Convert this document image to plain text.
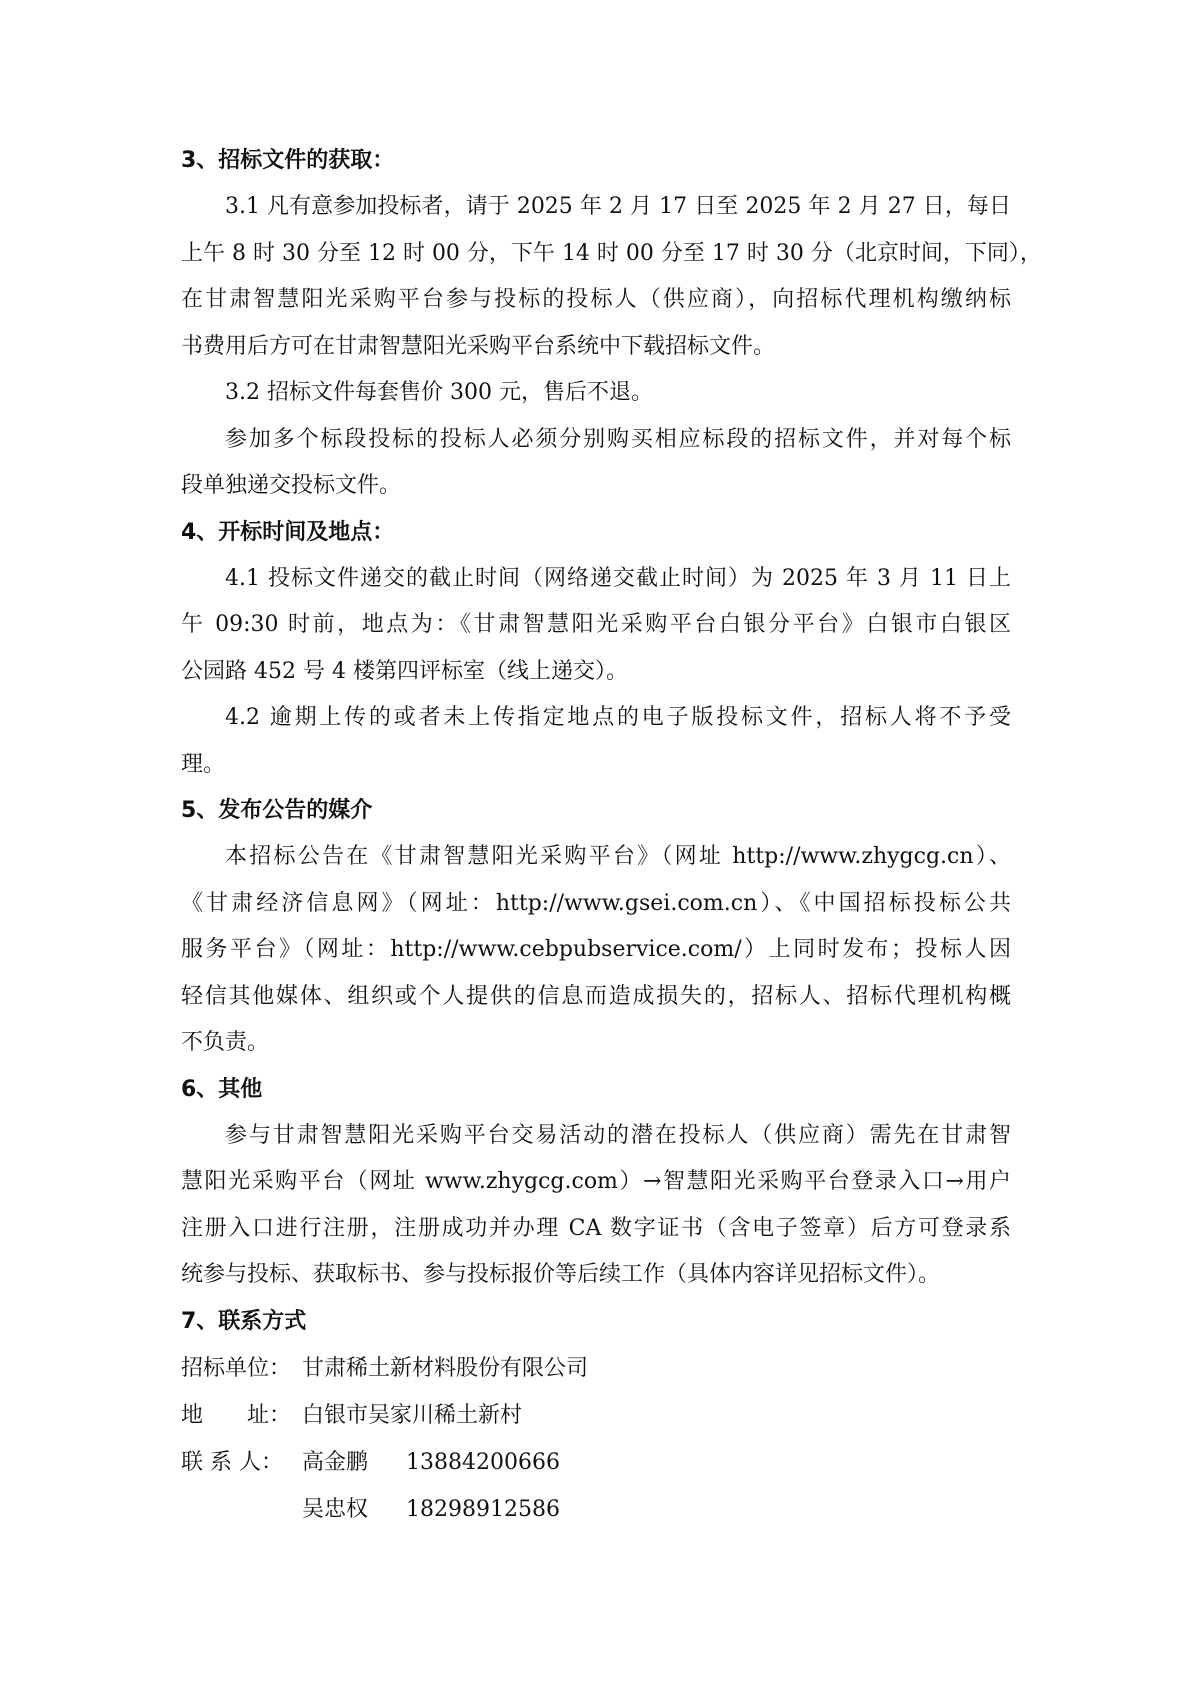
3、招标文件的获取：

3.1 凡有意参加投标者，请于 2025 年 2 月 17 日至 2025 年 2 月 27 日，每日
上午 8 时 30 分至 12 时 00 分，下午 14 时 00 分至 17 时 30 分（北京时间，下同），
在甘肃智慧阳光采购平台参与投标的投标人（供应商），向招标代理机构缴纳标
书费用后方可在甘肃智慧阳光采购平台系统中下载招标文件。
3.2 招标文件每套售价 300 元，售后不退。
参加多个标段投标的投标人必须分别购买相应标段的招标文件，并对每个标
段单独递交投标文件。

4、开标时间及地点：

4.1 投标文件递交的截止时间（网络递交截止时间）为 2025 年 3 月 11 日上
午 09:30 时前，地点为：《甘肃智慧阳光采购平台白银分平台》白银市白银区
公园路 452 号 4 楼第四评标室（线上递交）。
4.2 逾期上传的或者未上传指定地点的电子版投标文件，招标人将不予受
理。

5、发布公告的媒介

本招标公告在《甘肃智慧阳光采购平台》（网址 http://www.zhygcg.cn）、
《甘肃经济信息网》（网址：http://www.gsei.com.cn）、《中国招标投标公共
服务平台》（网址：http://www.cebpubservice.com/）上同时发布；投标人因
轻信其他媒体、组织或个人提供的信息而造成损失的，招标人、招标代理机构概
不负责。

6、其他

参与甘肃智慧阳光采购平台交易活动的潜在投标人（供应商）需先在甘肃智
慧阳光采购平台（网址 www.zhygcg.com）→智慧阳光采购平台登录入口→用户
注册入口进行注册，注册成功并办理 CA 数字证书（含电子签章）后方可登录系
统参与投标、获取标书、参与投标报价等后续工作（具体内容详见招标文件）。

7、联系方式

招标单位： 甘肃稀土新材料股份有限公司
地　　址： 白银市吴家川稀土新村
联 系 人： 高金鹏	13884200666
吴忠权	18298912586
